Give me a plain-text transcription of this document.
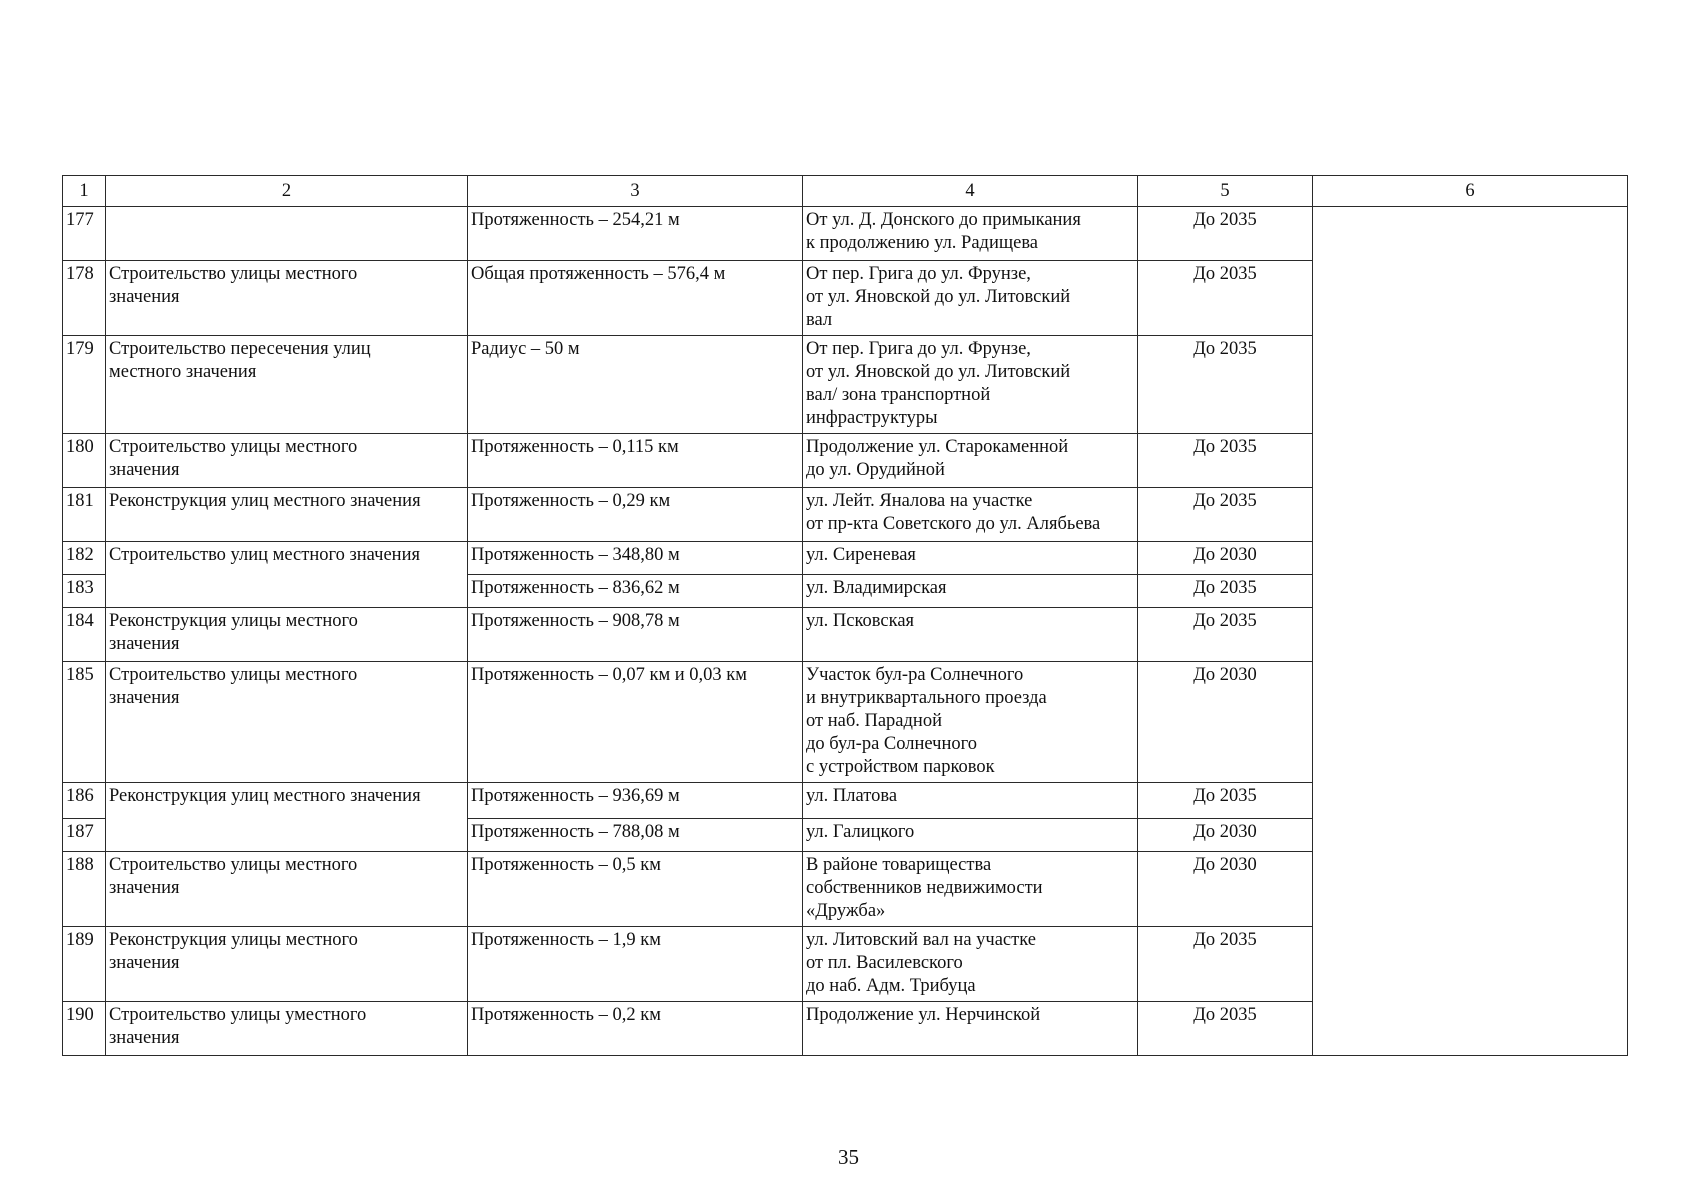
1	2	3	4	5	6
177		Протяженность – 254,21 м	От ул. Д. Донского до примыкания
к продолжению ул. Радищева	До 2035	
178	Строительство улицы местного
значения	Общая протяженность – 576,4 м	От пер. Грига до ул. Фрунзе,
от ул. Яновской до ул. Литовский
вал	До 2035	
179	Строительство пересечения улиц
местного значения	Радиус – 50 м	От пер. Грига до ул. Фрунзе,
от ул. Яновской до ул. Литовский
вал/ зона транспортной
инфраструктуры	До 2035	
180	Строительство улицы местного
значения	Протяженность – 0,115 км	Продолжение ул. Старокаменной
до ул. Орудийной	До 2035	
181	Реконструкция улиц местного значения	Протяженность – 0,29 км	ул. Лейт. Яналова на участке
от пр-кта Советского до ул. Алябьева	До 2035	
182	Строительство улиц местного значения	Протяженность – 348,80 м	ул. Сиреневая	До 2030	
183		Протяженность – 836,62 м	ул. Владимирская	До 2035	
184	Реконструкция улицы местного
значения	Протяженность – 908,78 м	ул. Псковская	До 2035	
185	Строительство улицы местного
значения	Протяженность – 0,07 км и 0,03 км	Участок бул-ра Солнечного
и внутриквартального проезда
от наб. Парадной
до бул-ра Солнечного
с устройством парковок	До 2030	
186	Реконструкция улиц местного значения	Протяженность – 936,69 м	ул. Платова	До 2035	
187		Протяженность – 788,08 м	ул. Галицкого	До 2030	
188	Строительство улицы местного
значения	Протяженность – 0,5 км	В районе товарищества
собственников недвижимости
«Дружба»	До 2030	
189	Реконструкция улицы местного
значения	Протяженность – 1,9 км	ул. Литовский вал на участке
от пл. Василевского
до наб. Адм. Трибуца	До 2035	
190	Строительство улицы уместного
значения	Протяженность – 0,2 км	Продолжение ул. Нерчинской	До 2035	
35
